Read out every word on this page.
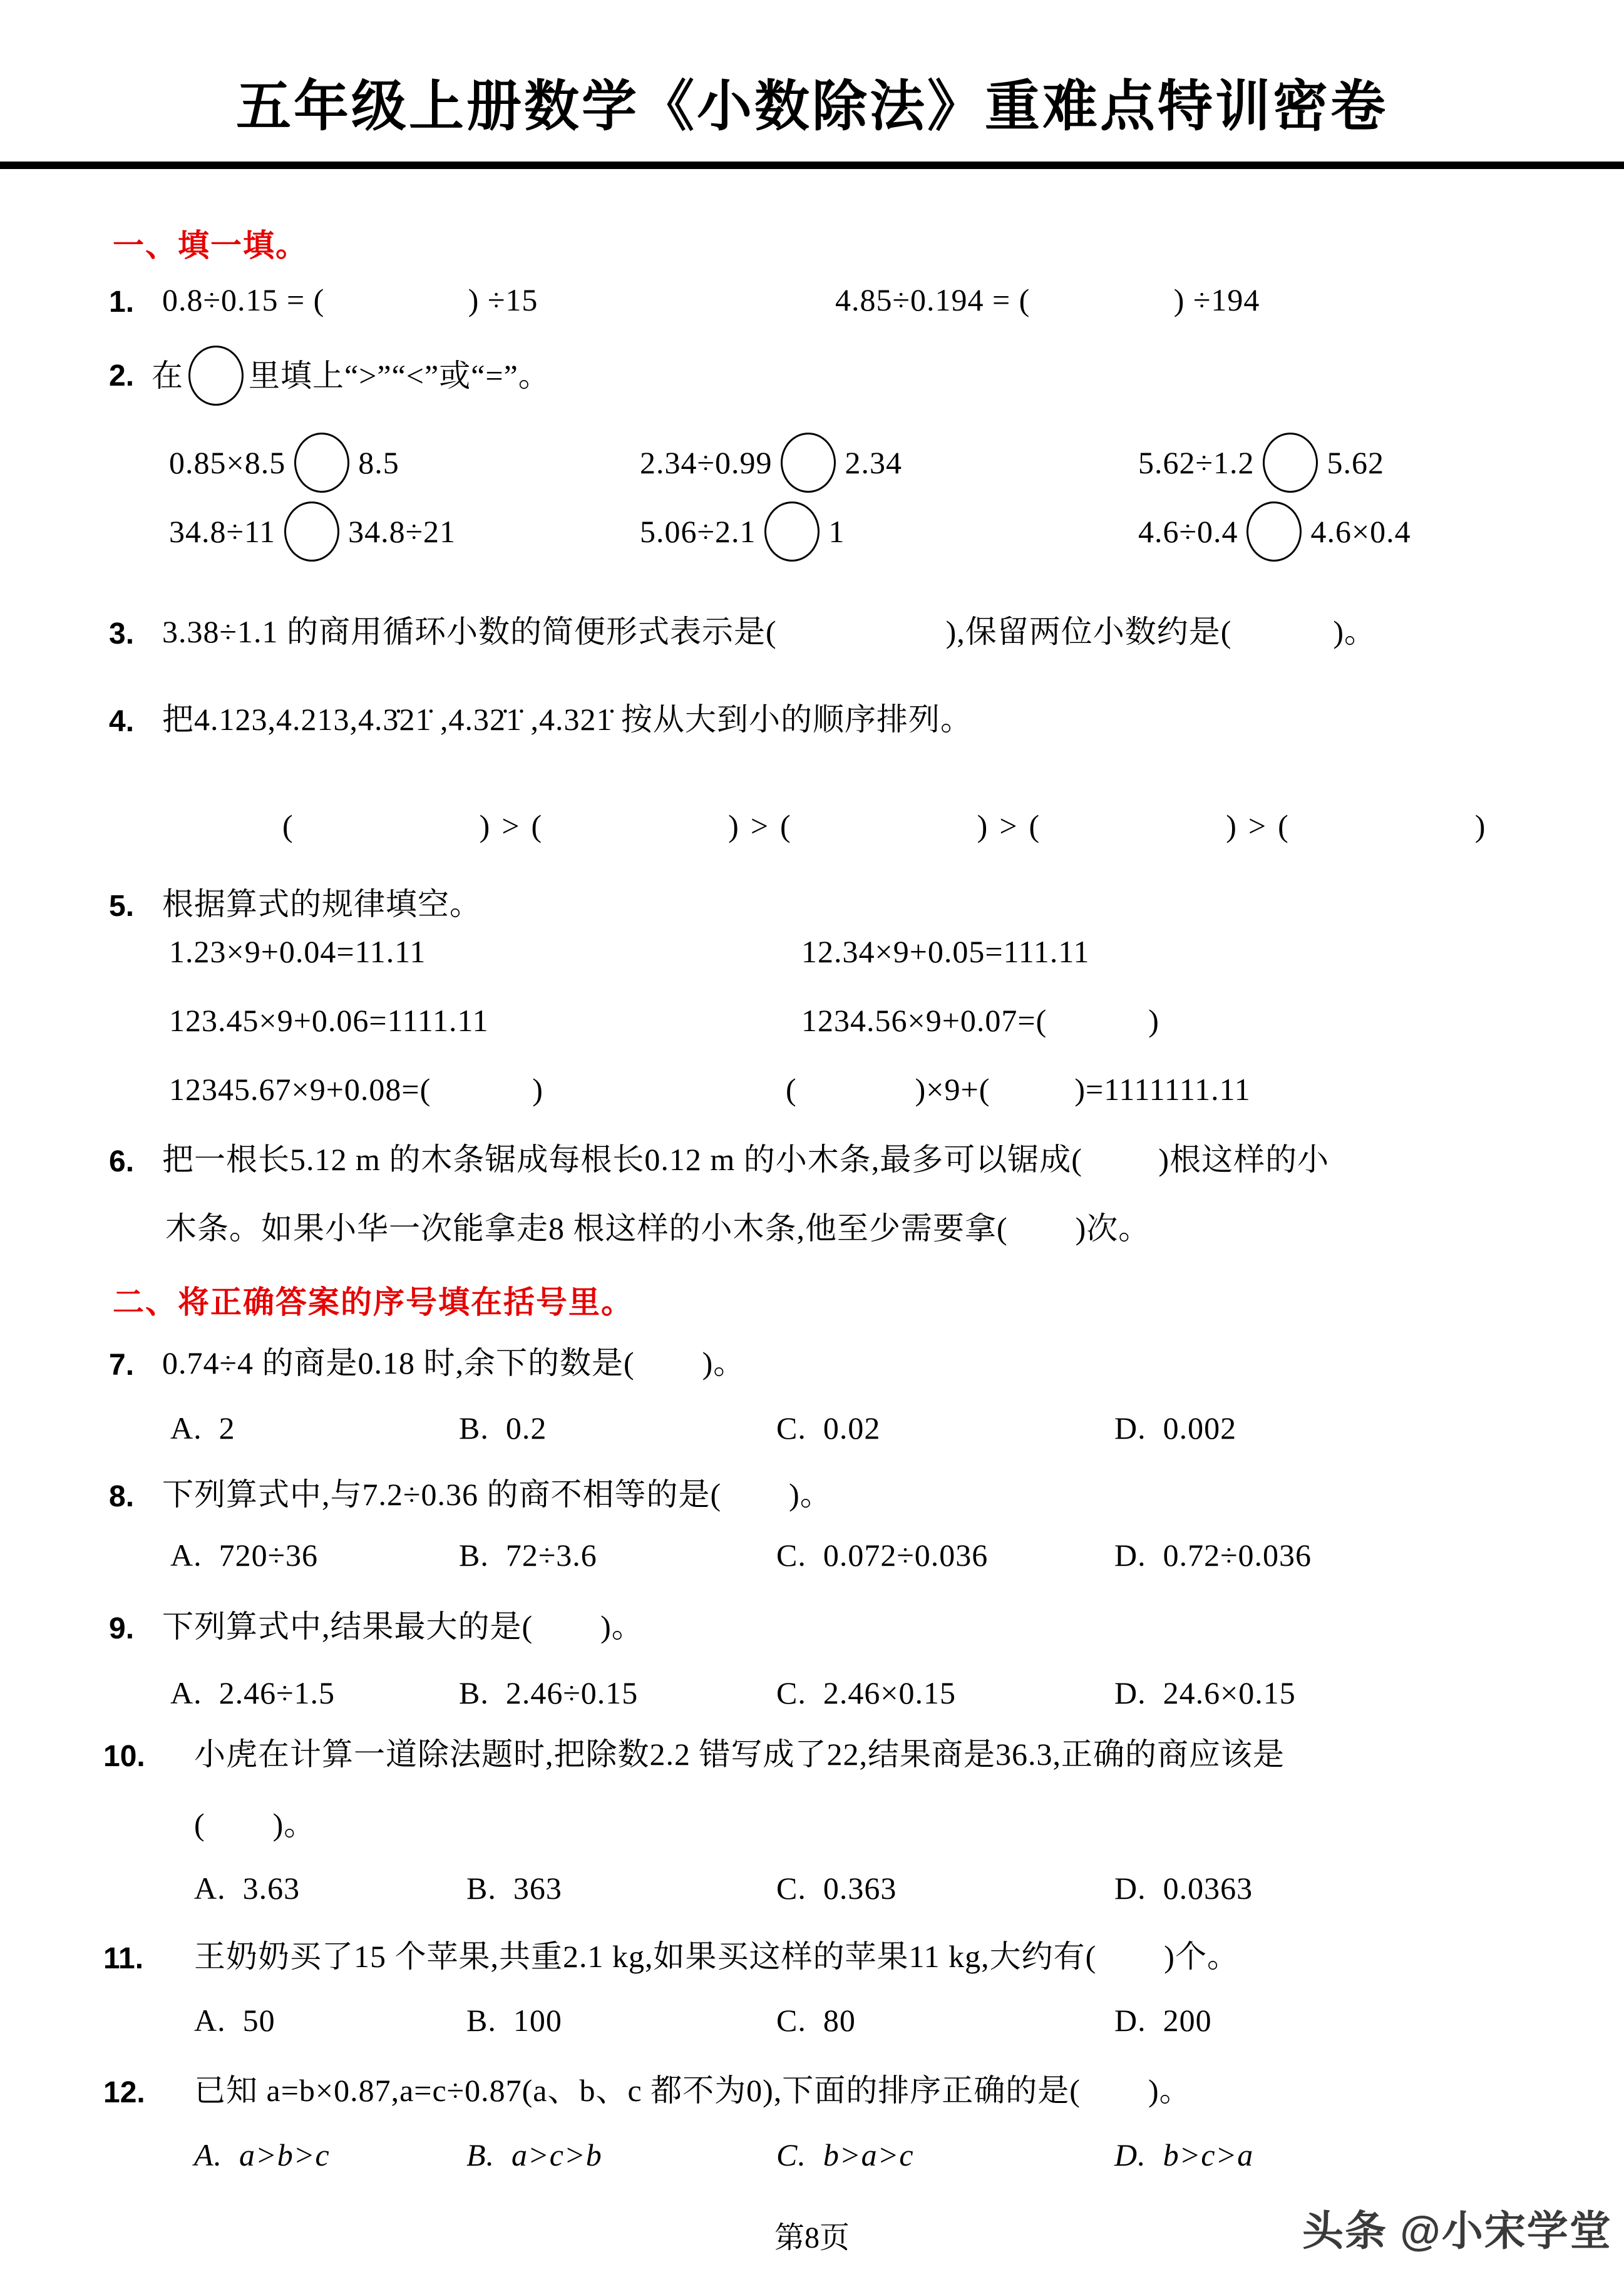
五年级上册数学《小数除法》重难点特训密卷
一、填一填。
1. 0.8÷0.15 = (                 ) ÷15	4.85÷0.194 = (                 ) ÷194
2. 在 里填上“>”“<”或“=”。
0.85×8.5 8.5	2.34÷0.99 2.34	5.62÷1.2 5.62
34.8÷11 34.8÷21	5.06÷2.1 1	4.6÷0.4 4.6×0.4
3. 3.38÷1.1 的商用循环小数的简便形式表示是(                    ),保留两位小数约是(            )。
4. 把4.123,4.213,4.3̇21̇ ,4.32̇1̇ ,4.321̇ 按从大到小的顺序排列。
(                      ) > (                      ) > (                      ) > (                      ) > (                      )
5. 根据算式的规律填空。
1.23×9+0.04=11.11	12.34×9+0.05=111.11
123.45×9+0.06=1111.11	1234.56×9+0.07=(            )
12345.67×9+0.08=(            )	(              )×9+(          )=1111111.11
6. 把一根长5.12 m 的木条锯成每根长0.12 m 的小木条,最多可以锯成(         )根这样的小
木条。如果小华一次能拿走8 根这样的小木条,他至少需要拿(        )次。
二、将正确答案的序号填在括号里。
7. 0.74÷4 的商是0.18 时,余下的数是(        )。
A.  2	B.  0.2	C.  0.02	D.  0.002
8. 下列算式中,与7.2÷0.36 的商不相等的是(        )。
A.  720÷36	B.  72÷3.6	C.  0.072÷0.036	D.  0.72÷0.036
9. 下列算式中,结果最大的是(        )。
A.  2.46÷1.5	B.  2.46÷0.15	C.  2.46×0.15	D.  24.6×0.15
10. 小虎在计算一道除法题时,把除数2.2 错写成了22,结果商是36.3,正确的商应该是
(        )。
A.  3.63	B.  363	C.  0.363	D.  0.0363
11. 王奶奶买了15 个苹果,共重2.1 kg,如果买这样的苹果11 kg,大约有(        )个。
A.  50	B.  100	C.  80	D.  200
12. 已知 a=b×0.87,a=c÷0.87(a、b、c 都不为0),下面的排序正确的是(        )。
A.  a>b>c	B.  a>c>b	C.  b>a>c	D.  b>c>a
第8页	头条 @小宋学堂
